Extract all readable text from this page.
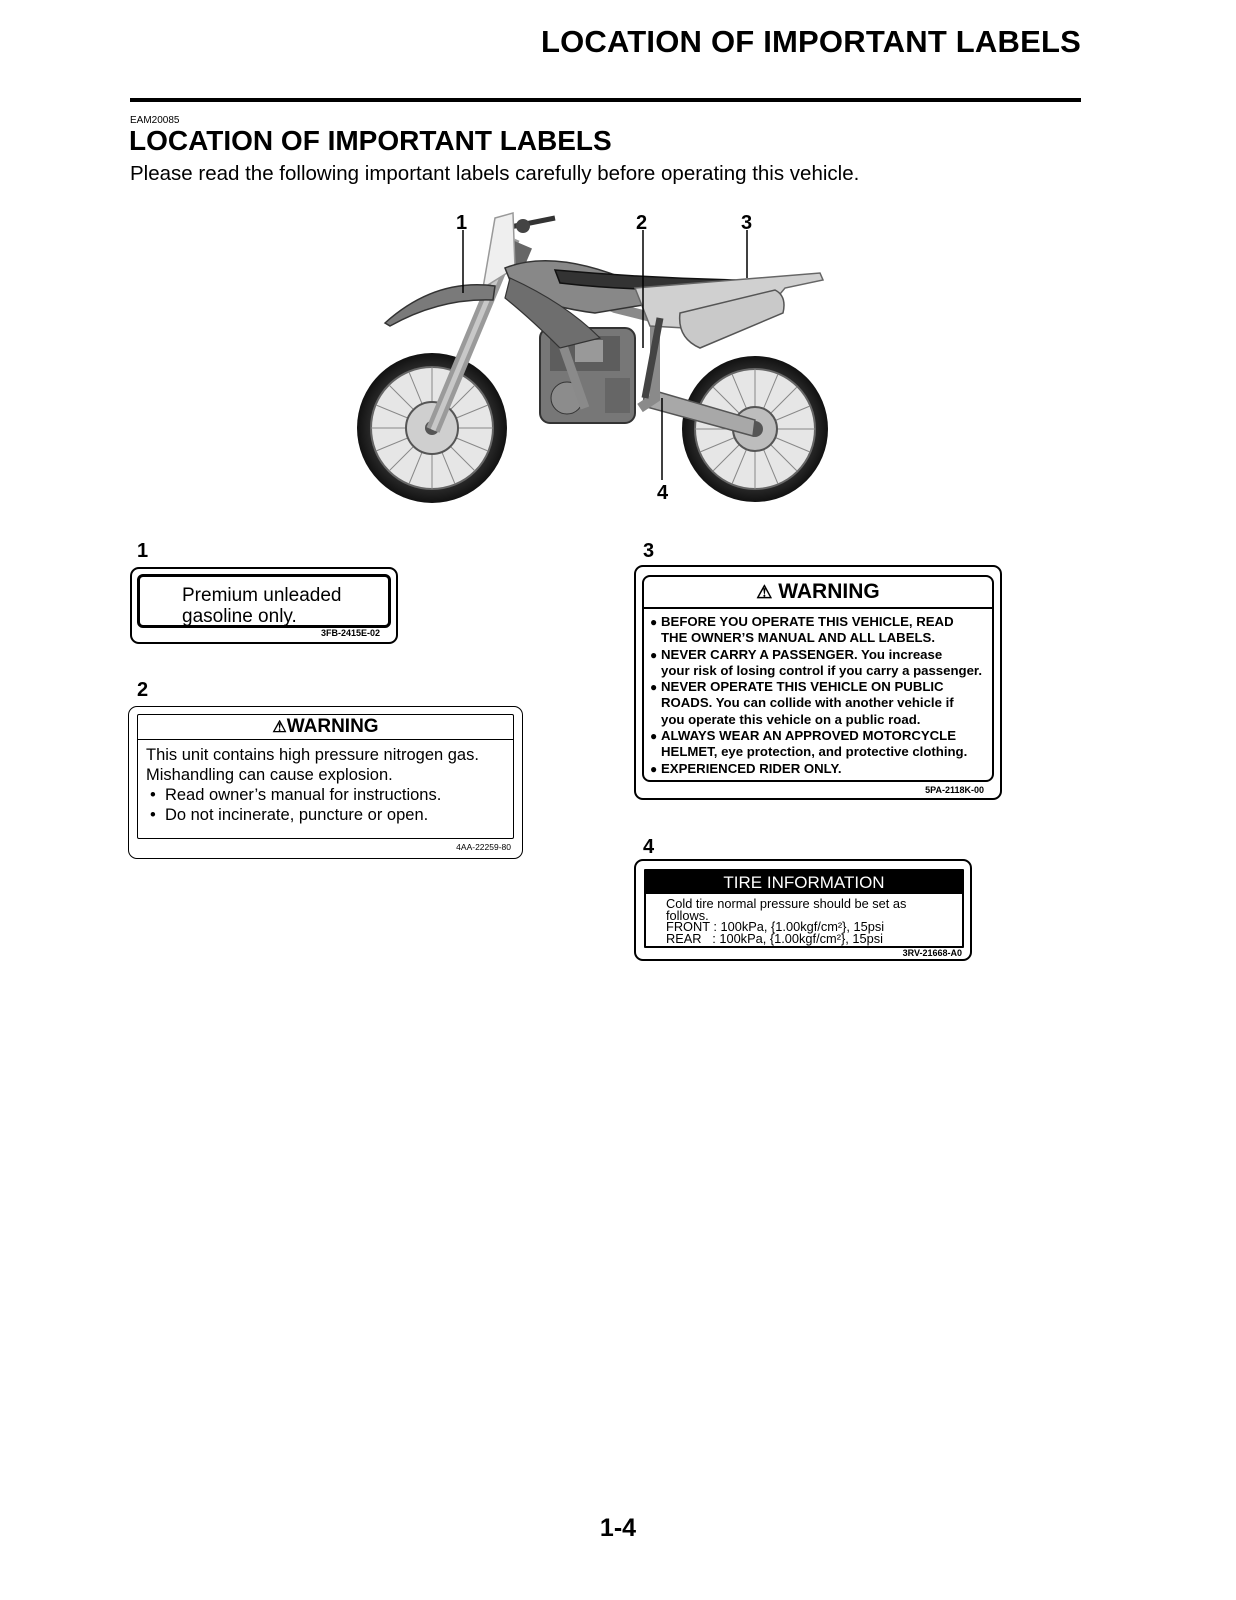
LOCATION OF IMPORTANT LABELS
EAM20085
LOCATION OF IMPORTANT LABELS
Please read the following important labels carefully before operating this vehicle.
1	2	3
4
1
2
3
4
Premium unleaded
gasoline only.
3FB-2415E-02
⚠WARNING
This unit contains high pressure nitrogen gas.
Mishandling can cause explosion.
•  Read owner’s manual for instructions.
•  Do not incinerate, puncture or open.
4AA-22259-80
⚠ WARNING
● BEFORE YOU OPERATE THIS VEHICLE, READ
THE OWNER’S MANUAL AND ALL LABELS.
● NEVER CARRY A PASSENGER. You increase
your risk of losing control if you carry a passenger.
● NEVER OPERATE THIS VEHICLE ON PUBLIC
ROADS. You can collide with another vehicle if
you operate this vehicle on a public road.
● ALWAYS WEAR AN APPROVED MOTORCYCLE
HELMET, eye protection, and protective clothing.
● EXPERIENCED RIDER ONLY.
5PA-2118K-00
TIRE INFORMATION
Cold tire normal pressure should be set as
follows.
FRONT : 100kPa, {1.00kgf/cm²}, 15psi
REAR   : 100kPa, {1.00kgf/cm²}, 15psi
3RV-21668-A0
1-4
